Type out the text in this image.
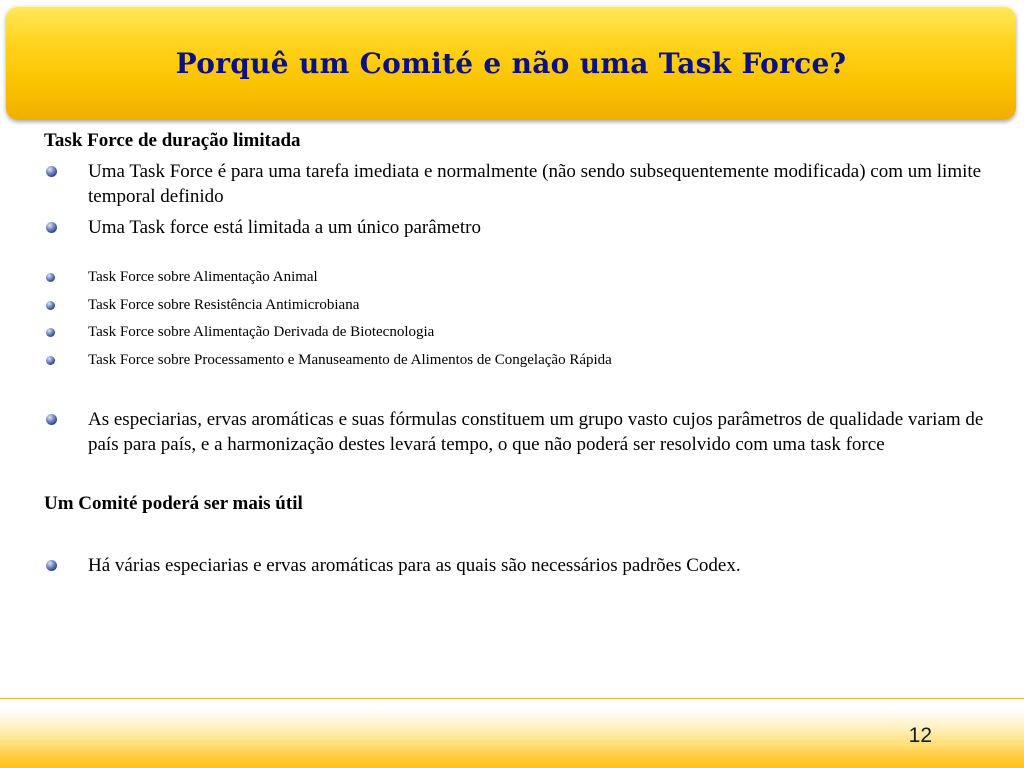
Porquê um Comité e não uma Task Force?

Task Force de duração limitada

Uma Task Force é para uma tarefa imediata e normalmente (não sendo subsequentemente modificada) com um limite temporal definido
Uma Task force está limitada a um único parâmetro
Task Force sobre Alimentação Animal
Task Force sobre Resistência Antimicrobiana
Task Force sobre Alimentação Derivada de Biotecnologia
Task Force sobre Processamento e Manuseamento de Alimentos de Congelação Rápida
As especiarias, ervas aromáticas e suas fórmulas constituem um grupo vasto cujos parâmetros de qualidade variam de país para país, e a harmonização destes levará tempo, o que não poderá ser resolvido com uma task force

Um Comité poderá ser mais útil

Há várias especiarias e ervas aromáticas para as quais são necessários padrões Codex.
12
